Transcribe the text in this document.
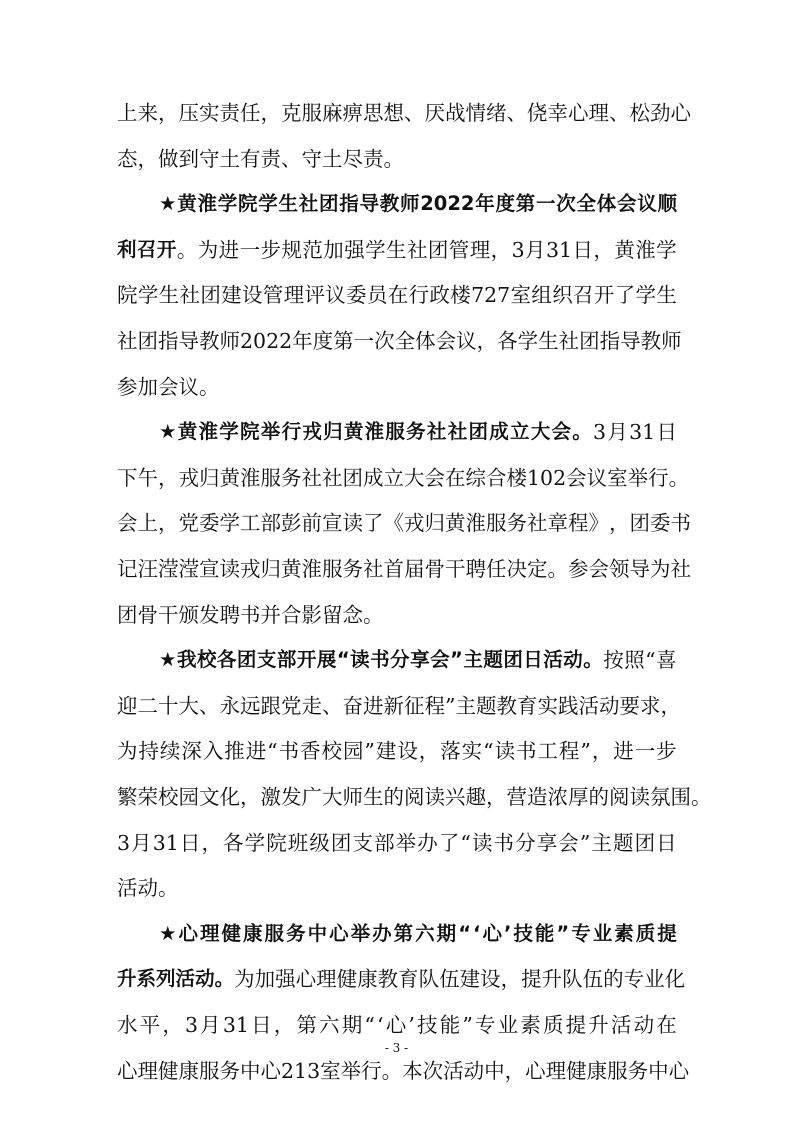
上 来 ， 压 实 责 任 ， 克 服 麻 痹 思 想 、 厌 战 情 绪 、 侥 幸 心 理 、 松 劲 心
态 ， 做 到 守 土 有 责 、 守 土 尽 责 。
★ 黄 淮 学 院 学 生 社 团 指 导 教 师 2022 年 度 第 一 次 全 体 会 议 顺
利 召 开 。 为 进 一 步 规 范 加 强 学 生 社 团 管 理 ， 3 月 31 日 ， 黄 淮 学
院 学 生 社 团 建 设 管 理 评 议 委 员 在 行 政 楼 727 室 组 织 召 开 了 学 生
社 团 指 导 教 师 2022 年 度 第 一 次 全 体 会 议 ， 各 学 生 社 团 指 导 教 师
参 加 会 议 。
★ 黄 淮 学 院 举 行 戎 归 黄 淮 服 务 社 社 团 成 立 大 会 。 3 月 31 日
下 午 ， 戎 归 黄 淮 服 务 社 社 团 成 立 大 会 在 综 合 楼 102 会 议 室 举 行 。
会 上 ， 党 委 学 工 部 彭 前 宣 读 了 《 戎 归 黄 淮 服 务 社 章 程 》 ， 团 委 书
记 汪 滢 滢 宣 读 戎 归 黄 淮 服 务 社 首 届 骨 干 聘 任 决 定 。 参 会 领 导 为 社
团 骨 干 颁 发 聘 书 并 合 影 留 念 。
★ 我 校 各 团 支 部 开 展 “ 读 书 分 享 会 ” 主 题 团 日 活 动 。 按 照 “ 喜
迎 二 十 大 、 永 远 跟 党 走 、 奋 进 新 征 程 ” 主 题 教 育 实 践 活 动 要 求 ，
为 持 续 深 入 推 进 “ 书 香 校 园 ” 建 设 ， 落 实 “ 读 书 工 程 ” ， 进 一 步
繁 荣 校 园 文 化 ， 激 发 广 大 师 生 的 阅 读 兴 趣 ， 营 造 浓 厚 的 阅 读 氛 围 。
3 月 31 日 ， 各 学 院 班 级 团 支 部 举 办 了 “ 读 书 分 享 会 ” 主 题 团 日
活 动 。
★ 心 理 健 康 服 务 中 心 举 办 第 六 期 “ ‘ 心 ’ 技 能 ” 专 业 素 质 提
升 系 列 活 动 。 为 加 强 心 理 健 康 教 育 队 伍 建 设 ， 提 升 队 伍 的 专 业 化
水 平 ， 3 月 31 日 ， 第 六 期 “ ‘ 心 ’ 技 能 ” 专 业 素 质 提 升 活 动 在
心 理 健 康 服 务 中 心 213 室 举 行 。 本 次 活 动 中 ， 心 理 健 康 服 务 中 心
- 3 -
